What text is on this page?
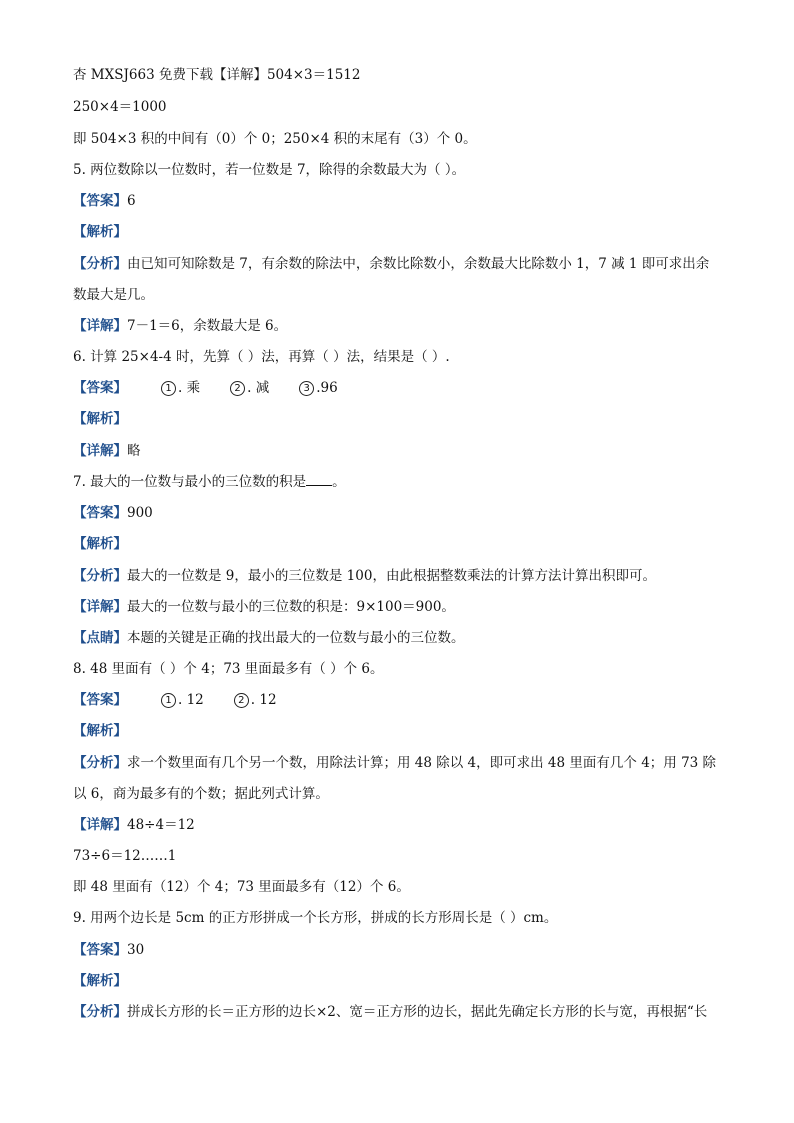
杏 MXSJ663 免费下载【详解】504×3＝1512
250×4＝1000
即 504×3 积的中间有（0）个 0；250×4 积的末尾有（3）个 0。
5. 两位数除以一位数时，若一位数是 7，除得的余数最大为（ ）。
【答案】6
【解析】
【分析】由已知可知除数是 7，有余数的除法中，余数比除数小，余数最大比除数小 1，7 减 1 即可求出余
数最大是几。
【详解】7－1＝6，余数最大是 6。
6. 计算 25×4-4 时，先算（ ）法，再算（ ）法，结果是（ ）.
【答案】	1 . 乘	2 . 减	3 .96
【解析】
【详解】略
7. 最大的一位数与最小的三位数的积是 。
【答案】900
【解析】
【分析】最大的一位数是 9，最小的三位数是 100，由此根据整数乘法的计算方法计算出积即可。
【详解】最大的一位数与最小的三位数的积是：9×100＝900。
【点睛】本题的关键是正确的找出最大的一位数与最小的三位数。
8. 48 里面有（ ）个 4；73 里面最多有（ ）个 6。
【答案】	1 . 12	2 . 12
【解析】
【分析】求一个数里面有几个另一个数，用除法计算；用 48 除以 4，即可求出 48 里面有几个 4；用 73 除
以 6，商为最多有的个数；据此列式计算。
【详解】48÷4＝12
73÷6＝12……1
即 48 里面有（12）个 4；73 里面最多有（12）个 6。
9. 用两个边长是 5cm 的正方形拼成一个长方形，拼成的长方形周长是（ ）cm。
【答案】30
【解析】
【分析】拼成长方形的长＝正方形的边长×2、宽＝正方形的边长，据此先确定长方形的长与宽，再根据“长
